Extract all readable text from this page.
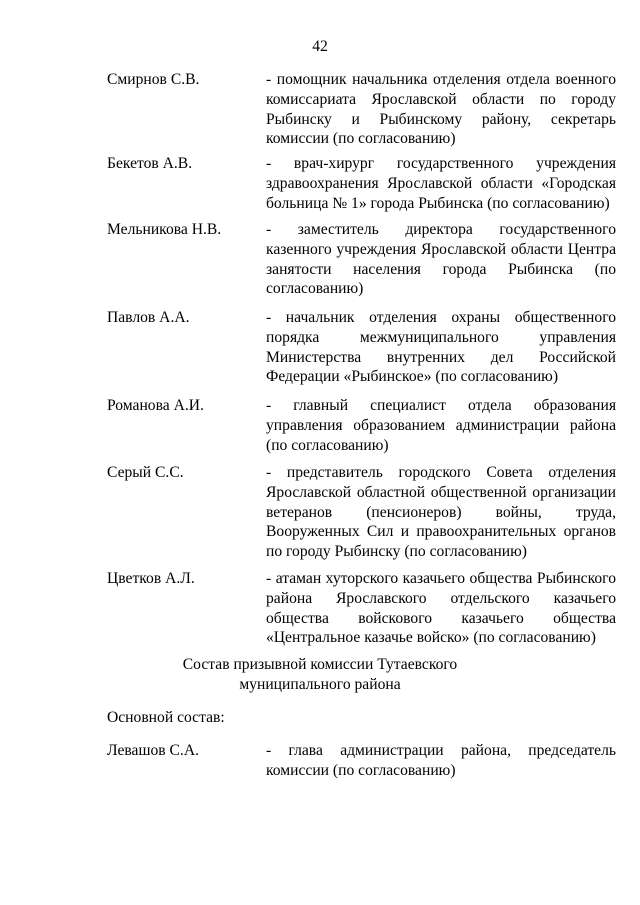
42
Смирнов С.В.	- помощник начальника отделения отдела военного комиссариата Ярославской области по городу Рыбинску и Рыбинскому району, секретарь комиссии (по согласованию)
Бекетов А.В.	- врач-хирург государственного учреждения здравоохранения Ярославской области «Городская больница № 1» города Рыбинска (по согласованию)
Мельникова Н.В.	- заместитель директора государственного казенного учреждения Ярославской области Центра занятости населения города Рыбинска (по согласованию)
Павлов А.А.	- начальник отделения охраны общественного порядка межмуниципального управления Министерства внутренних дел Российской Федерации «Рыбинское» (по согласованию)
Романова А.И.	- главный специалист отдела образования управления образованием администрации района (по согласованию)
Серый С.С.	- представитель городского Совета отделения Ярославской областной общественной организации ветеранов (пенсионеров) войны, труда, Вооруженных Сил и правоохранительных органов по городу Рыбинску (по согласованию)
Цветков А.Л.	- атаман хуторского казачьего общества Рыбинского района Ярославского отдельского казачьего общества войскового казачьего общества «Центральное казачье войско» (по согласованию)
Состав призывной комиссии Тутаевского
муниципального района
Основной состав:
Левашов С.А.	- глава администрации района, председатель комиссии (по согласованию)
